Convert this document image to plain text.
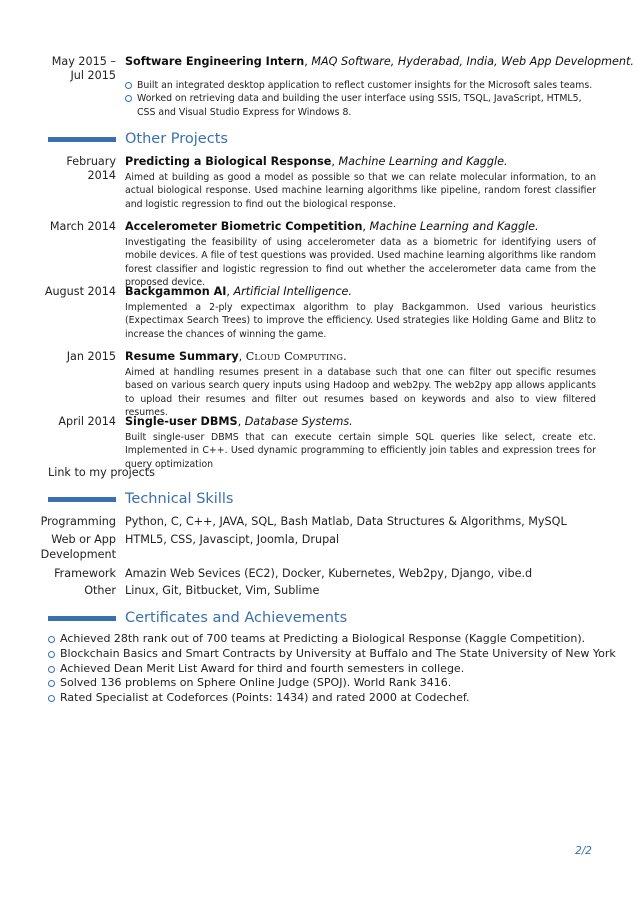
May 2015 –
Jul 2015
Software Engineering Intern, MAQ Software, Hyderabad, India, Web App Development.
Built an integrated desktop application to reflect customer insights for the Microsoft sales teams.
Worked on retrieving data and building the user interface using SSIS, TSQL, JavaScript, HTML5, CSS and Visual Studio Express for Windows 8.
Other Projects
February
2014
Predicting a Biological Response, Machine Learning and Kaggle.
Aimed at building as good a model as possible so that we can relate molecular information, to an actual biological response. Used machine learning algorithms like pipeline, random forest classifier and logistic regression to find out the biological response.
March 2014 Accelerometer Biometric Competition, Machine Learning and Kaggle.
Investigating the feasibility of using accelerometer data as a biometric for identifying users of mobile devices. A file of test questions was provided. Used machine learning algorithms like random forest classifier and logistic regression to find out whether the accelerometer data came from the proposed device.
August 2014 Backgammon AI, Artificial Intelligence.
Implemented a 2-ply expectimax algorithm to play Backgammon. Used various heuristics (Expectimax Search Trees) to improve the efficiency. Used strategies like Holding Game and Blitz to increase the chances of winning the game.
Jan 2015 Resume Summary, Cloud Computing.
Aimed at handling resumes present in a database such that one can filter out specific resumes based on various search query inputs using Hadoop and web2py. The web2py app allows applicants to upload their resumes and filter out resumes based on keywords and also to view filtered resumes.
April 2014 Single-user DBMS, Database Systems.
Built single-user DBMS that can execute certain simple SQL queries like select, create etc. Implemented in C++. Used dynamic programming to efficiently join tables and expression trees for query optimization
Link to my projects
Technical Skills
Programming Python, C, C++, JAVA, SQL, Bash Matlab, Data Structures & Algorithms, MySQL
Web or App
Development
HTML5, CSS, Javascipt, Joomla, Drupal
Framework Amazin Web Sevices (EC2), Docker, Kubernetes, Web2py, Django, vibe.d
Other Linux, Git, Bitbucket, Vim, Sublime
Certificates and Achievements
Achieved 28th rank out of 700 teams at Predicting a Biological Response (Kaggle Competition).
Blockchain Basics and Smart Contracts by University at Buffalo and The State University of New York
Achieved Dean Merit List Award for third and fourth semesters in college.
Solved 136 problems on Sphere Online Judge (SPOJ). World Rank 3416.
Rated Specialist at Codeforces (Points: 1434) and rated 2000 at Codechef.
2/2
